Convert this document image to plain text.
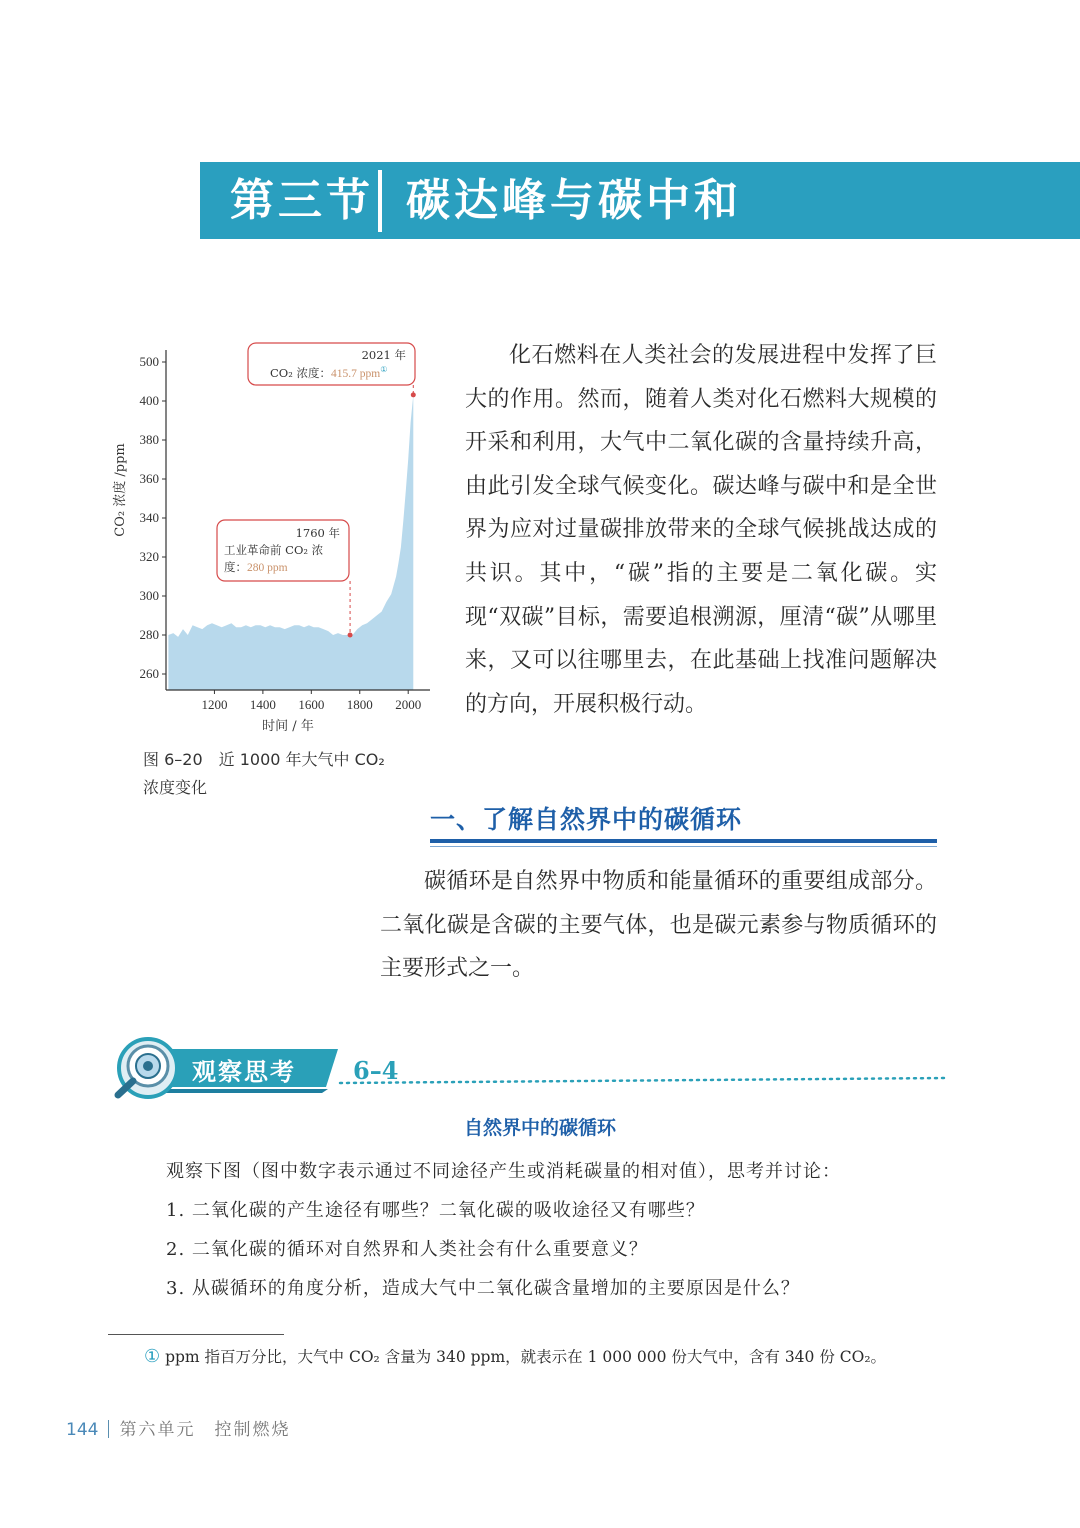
第三节 碳达峰与碳中和
260
280
300
320
340
360
380
400
500
1200 1400 1600 1800 2000
时间 / 年
CO₂ 浓度 /ppm
2021 年
CO₂ 浓度：415.7 ppm①
1760 年
工业革命前 CO₂ 浓
度：280 ppm
图 6–20　近 1000 年大气中 CO₂
浓度变化
化石燃料在人类社会的发展进程中发挥了巨大的作用。然而，随着人类对化石燃料大规模的开采和利用，大气中二氧化碳的含量持续升高，由此引发全球气候变化。碳达峰与碳中和是全世界为应对过量碳排放带来的全球气候挑战达成的共识。其中，“碳”指的主要是二氧化碳。实现“双碳”目标，需要追根溯源，厘清“碳”从哪里来，又可以往哪里去，在此基础上找准问题解决的方向，开展积极行动。
一、了解自然界中的碳循环
碳循环是自然界中物质和能量循环的重要组成部分。二氧化碳是含碳的主要气体，也是碳元素参与物质循环的主要形式之一。
观察思考 6–4
自然界中的碳循环
观察下图（图中数字表示通过不同途径产生或消耗碳量的相对值），思考并讨论：
1. 二氧化碳的产生途径有哪些？二氧化碳的吸收途径又有哪些？
2. 二氧化碳的循环对自然界和人类社会有什么重要意义？
3. 从碳循环的角度分析，造成大气中二氧化碳含量增加的主要原因是什么？
① ppm 指百万分比，大气中 CO₂ 含量为 340 ppm，就表示在 1 000 000 份大气中，含有 340 份 CO₂。
144 第六单元　控制燃烧
